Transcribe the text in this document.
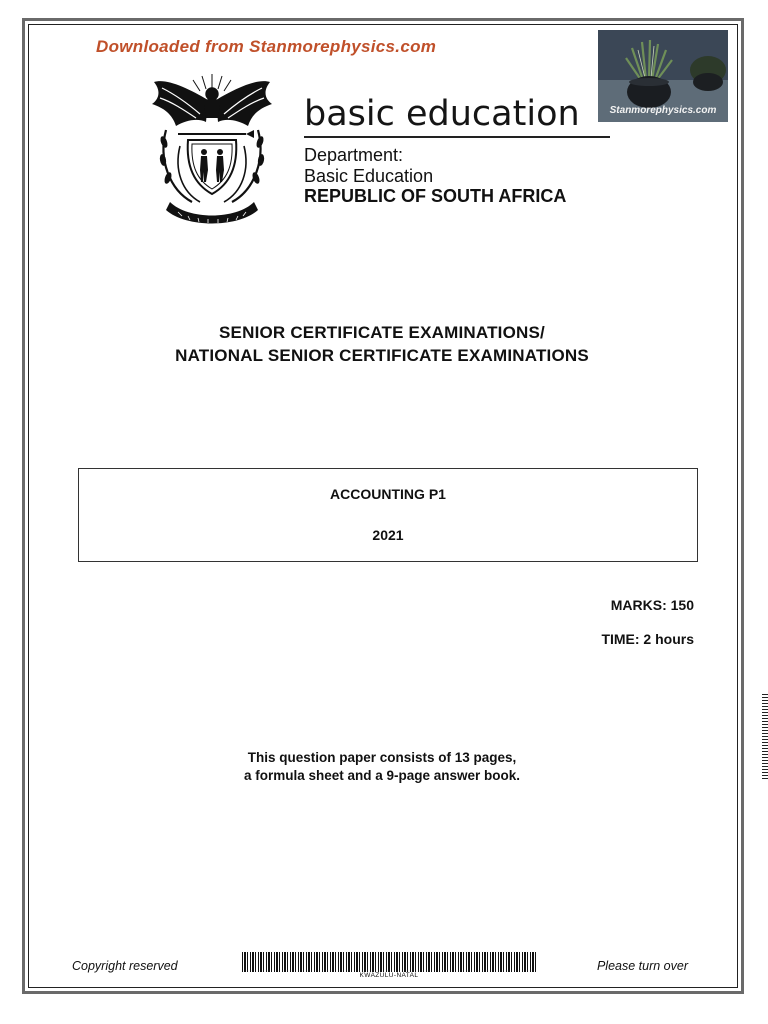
Downloaded from Stanmorephysics.com
Stanmorephysics.com
basic education
Department:
Basic Education
REPUBLIC OF SOUTH AFRICA
SENIOR CERTIFICATE EXAMINATIONS/
NATIONAL SENIOR CERTIFICATE EXAMINATIONS
ACCOUNTING P1
2021
MARKS: 150
TIME: 2 hours
This question paper consists of 13 pages,
a formula sheet and a 9-page answer book.
Copyright reserved
KWAZULU-NATAL
Please turn over
